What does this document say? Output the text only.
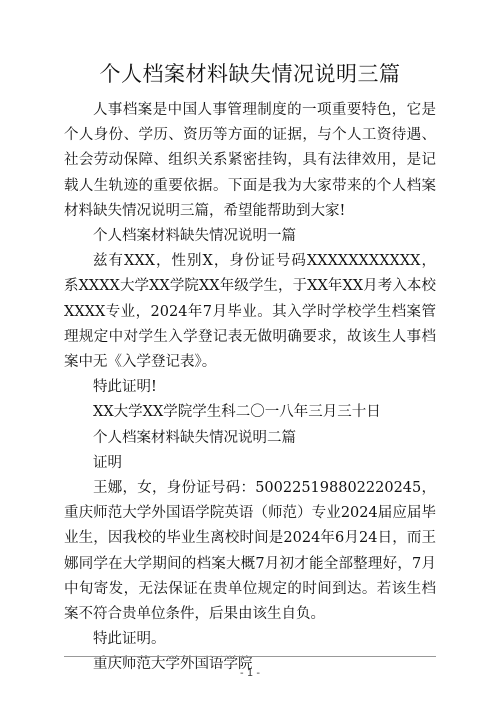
个人档案材料缺失情况说明三篇

人事档案是中国人事管理制度的一项重要特色，它是个人身份、学历、资历等方面的证据，与个人工资待遇、社会劳动保障、组织关系紧密挂钩，具有法律效用，是记载人生轨迹的重要依据。下面是我为大家带来的个人档案材料缺失情况说明三篇，希望能帮助到大家!

个人档案材料缺失情况说明一篇

兹有XXX，性别X，身份证号码XXXXXXXXXXX，系XXXX大学XX学院XX年级学生，于XX年XX月考入本校XXXX专业，2024年7月毕业。其入学时学校学生档案管理规定中对学生入学登记表无做明确要求，故该生人事档案中无《入学登记表》。

特此证明!

XX大学XX学院学生科二〇一八年三月三十日

个人档案材料缺失情况说明二篇

证明

王娜，女，身份证号码：500225198802220245，重庆师范大学外国语学院英语（师范）专业2024届应届毕业生，因我校的毕业生离校时间是2024年6月24日，而王娜同学在大学期间的档案大概7月初才能全部整理好，7月中旬寄发，无法保证在贵单位规定的时间到达。若该生档案不符合贵单位条件，后果由该生自负。

特此证明。

重庆师范大学外国语学院

- 1 -
